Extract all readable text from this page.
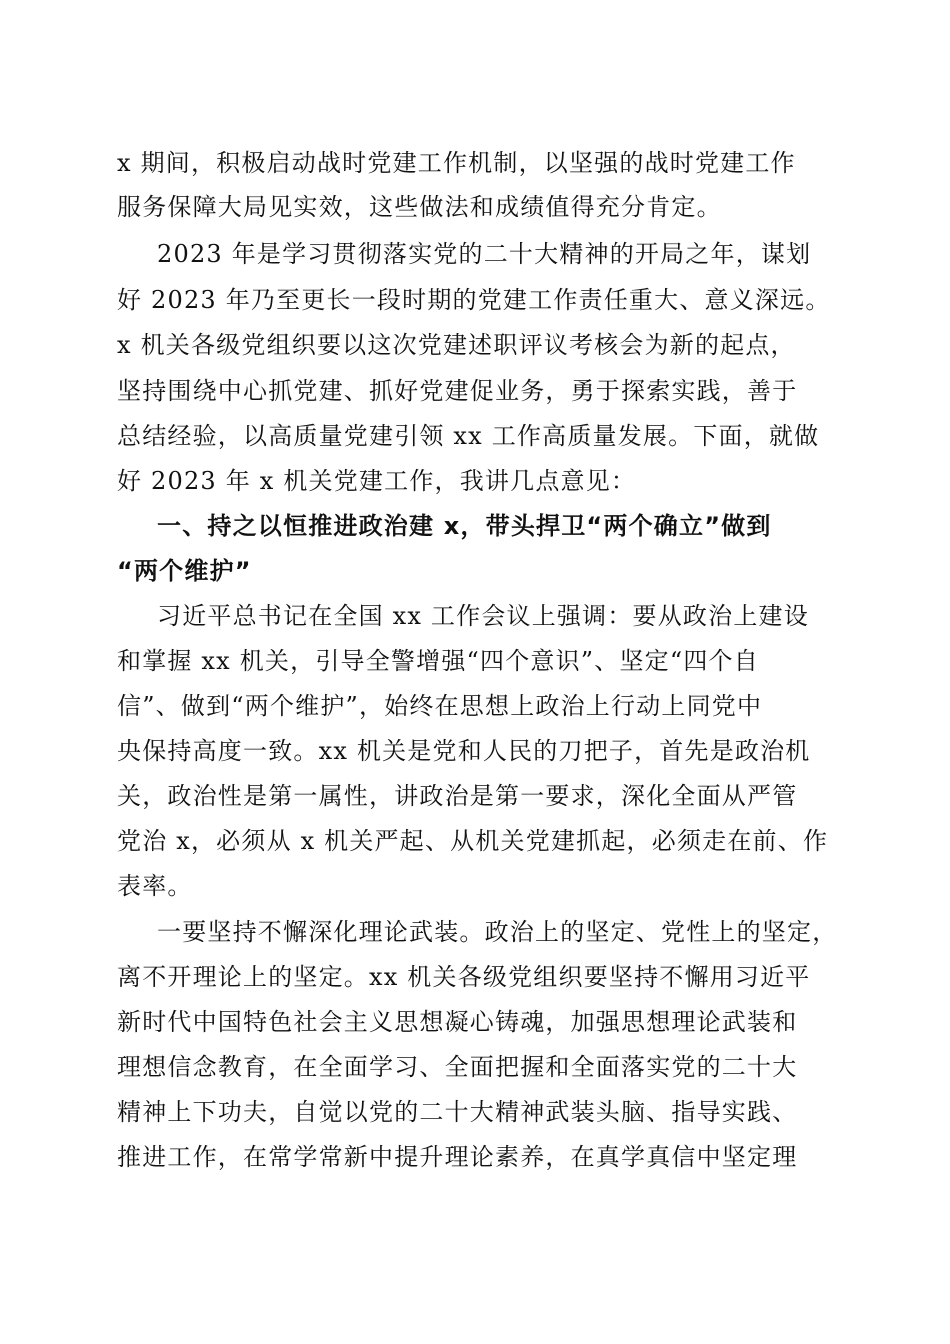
x 期间，积极启动战时党建工作机制，以坚强的战时党建工作
服务保障大局见实效，这些做法和成绩值得充分肯定。
2023 年是学习贯彻落实党的二十大精神的开局之年，谋划
好 2023 年乃至更长一段时期的党建工作责任重大、意义深远。
x 机关各级党组织要以这次党建述职评议考核会为新的起点，
坚持围绕中心抓党建、抓好党建促业务，勇于探索实践，善于
总结经验，以高质量党建引领 xx 工作高质量发展。下面，就做
好 2023 年 x 机关党建工作，我讲几点意见：
一、持之以恒推进政治建 x，带头捍卫“两个确立”做到
“两个维护”
习近平总书记在全国 xx 工作会议上强调：要从政治上建设
和掌握 xx 机关，引导全警增强“四个意识”、坚定“四个自
信”、做到“两个维护”，始终在思想上政治上行动上同党中
央保持高度一致。xx 机关是党和人民的刀把子，首先是政治机
关，政治性是第一属性，讲政治是第一要求，深化全面从严管
党治 x，必须从 x 机关严起、从机关党建抓起，必须走在前、作
表率。
一要坚持不懈深化理论武装。政治上的坚定、党性上的坚定，
离不开理论上的坚定。xx 机关各级党组织要坚持不懈用习近平
新时代中国特色社会主义思想凝心铸魂，加强思想理论武装和
理想信念教育，在全面学习、全面把握和全面落实党的二十大
精神上下功夫，自觉以党的二十大精神武装头脑、指导实践、
推进工作，在常学常新中提升理论素养，在真学真信中坚定理
